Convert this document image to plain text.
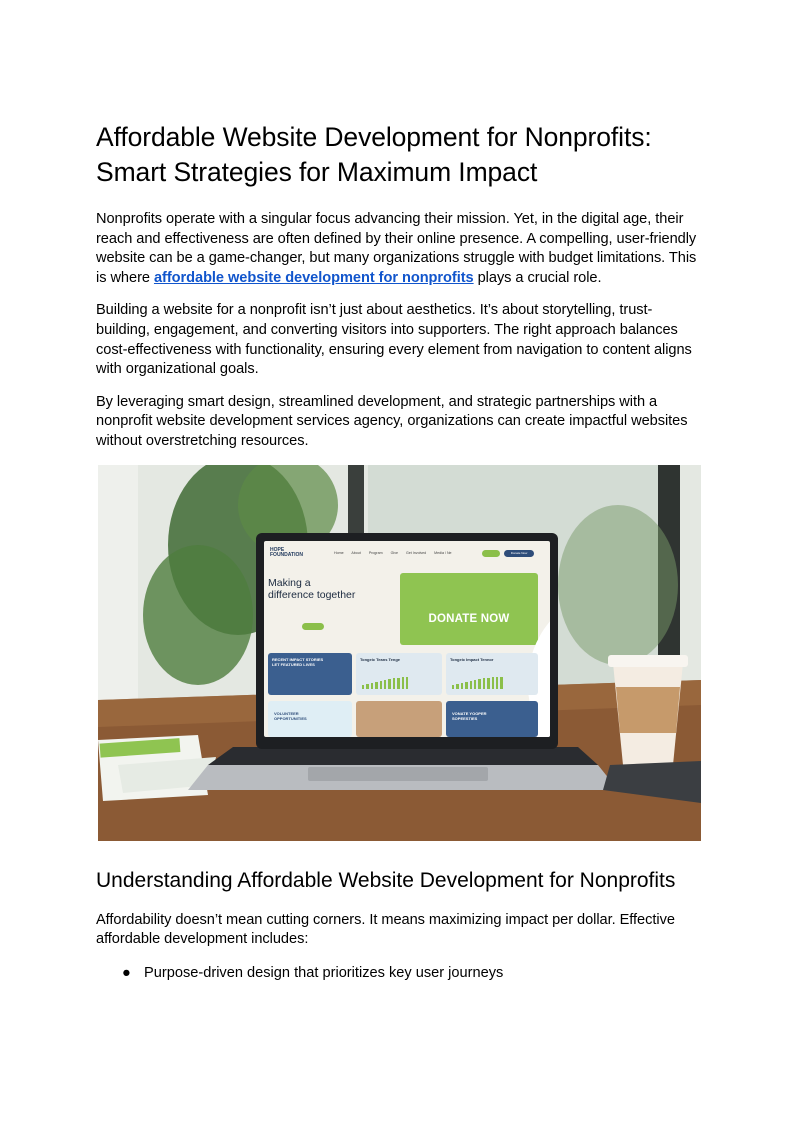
Affordable Website Development for Nonprofits:
Smart Strategies for Maximum Impact

Nonprofits operate with a singular focus advancing their mission. Yet, in the digital age, their reach and effectiveness are often defined by their online presence. A compelling, user-friendly website can be a game-changer, but many organizations struggle with budget limitations. This is where affordable website development for nonprofits plays a crucial role.

Building a website for a nonprofit isn’t just about aesthetics. It’s about storytelling, trust-building, engagement, and converting visitors into supporters. The right approach balances cost-effectiveness with functionality, ensuring every element from navigation to content aligns with organizational goals.

By leveraging smart design, streamlined development, and strategic partnerships with a nonprofit website development services agency, organizations can create impactful websites without overstretching resources.

HOPE
FOUNDATION	Home About Program Give Get Involved Media / Ne	Donate Now
Making a
difference together
DONATE NOW
RECENT IMPACT STORIES
LET FEATURED LIVES
Tongeic Teans Tenge	Tongeic Impact Tennor
VOLUNTEER
OPPORTUNITIES
VONATE YOOPER
SOPEESTIES
Understanding Affordable Website Development for Nonprofits

Affordability doesn’t mean cutting corners. It means maximizing impact per dollar. Effective affordable development includes:

● Purpose-driven design that prioritizes key user journeys
